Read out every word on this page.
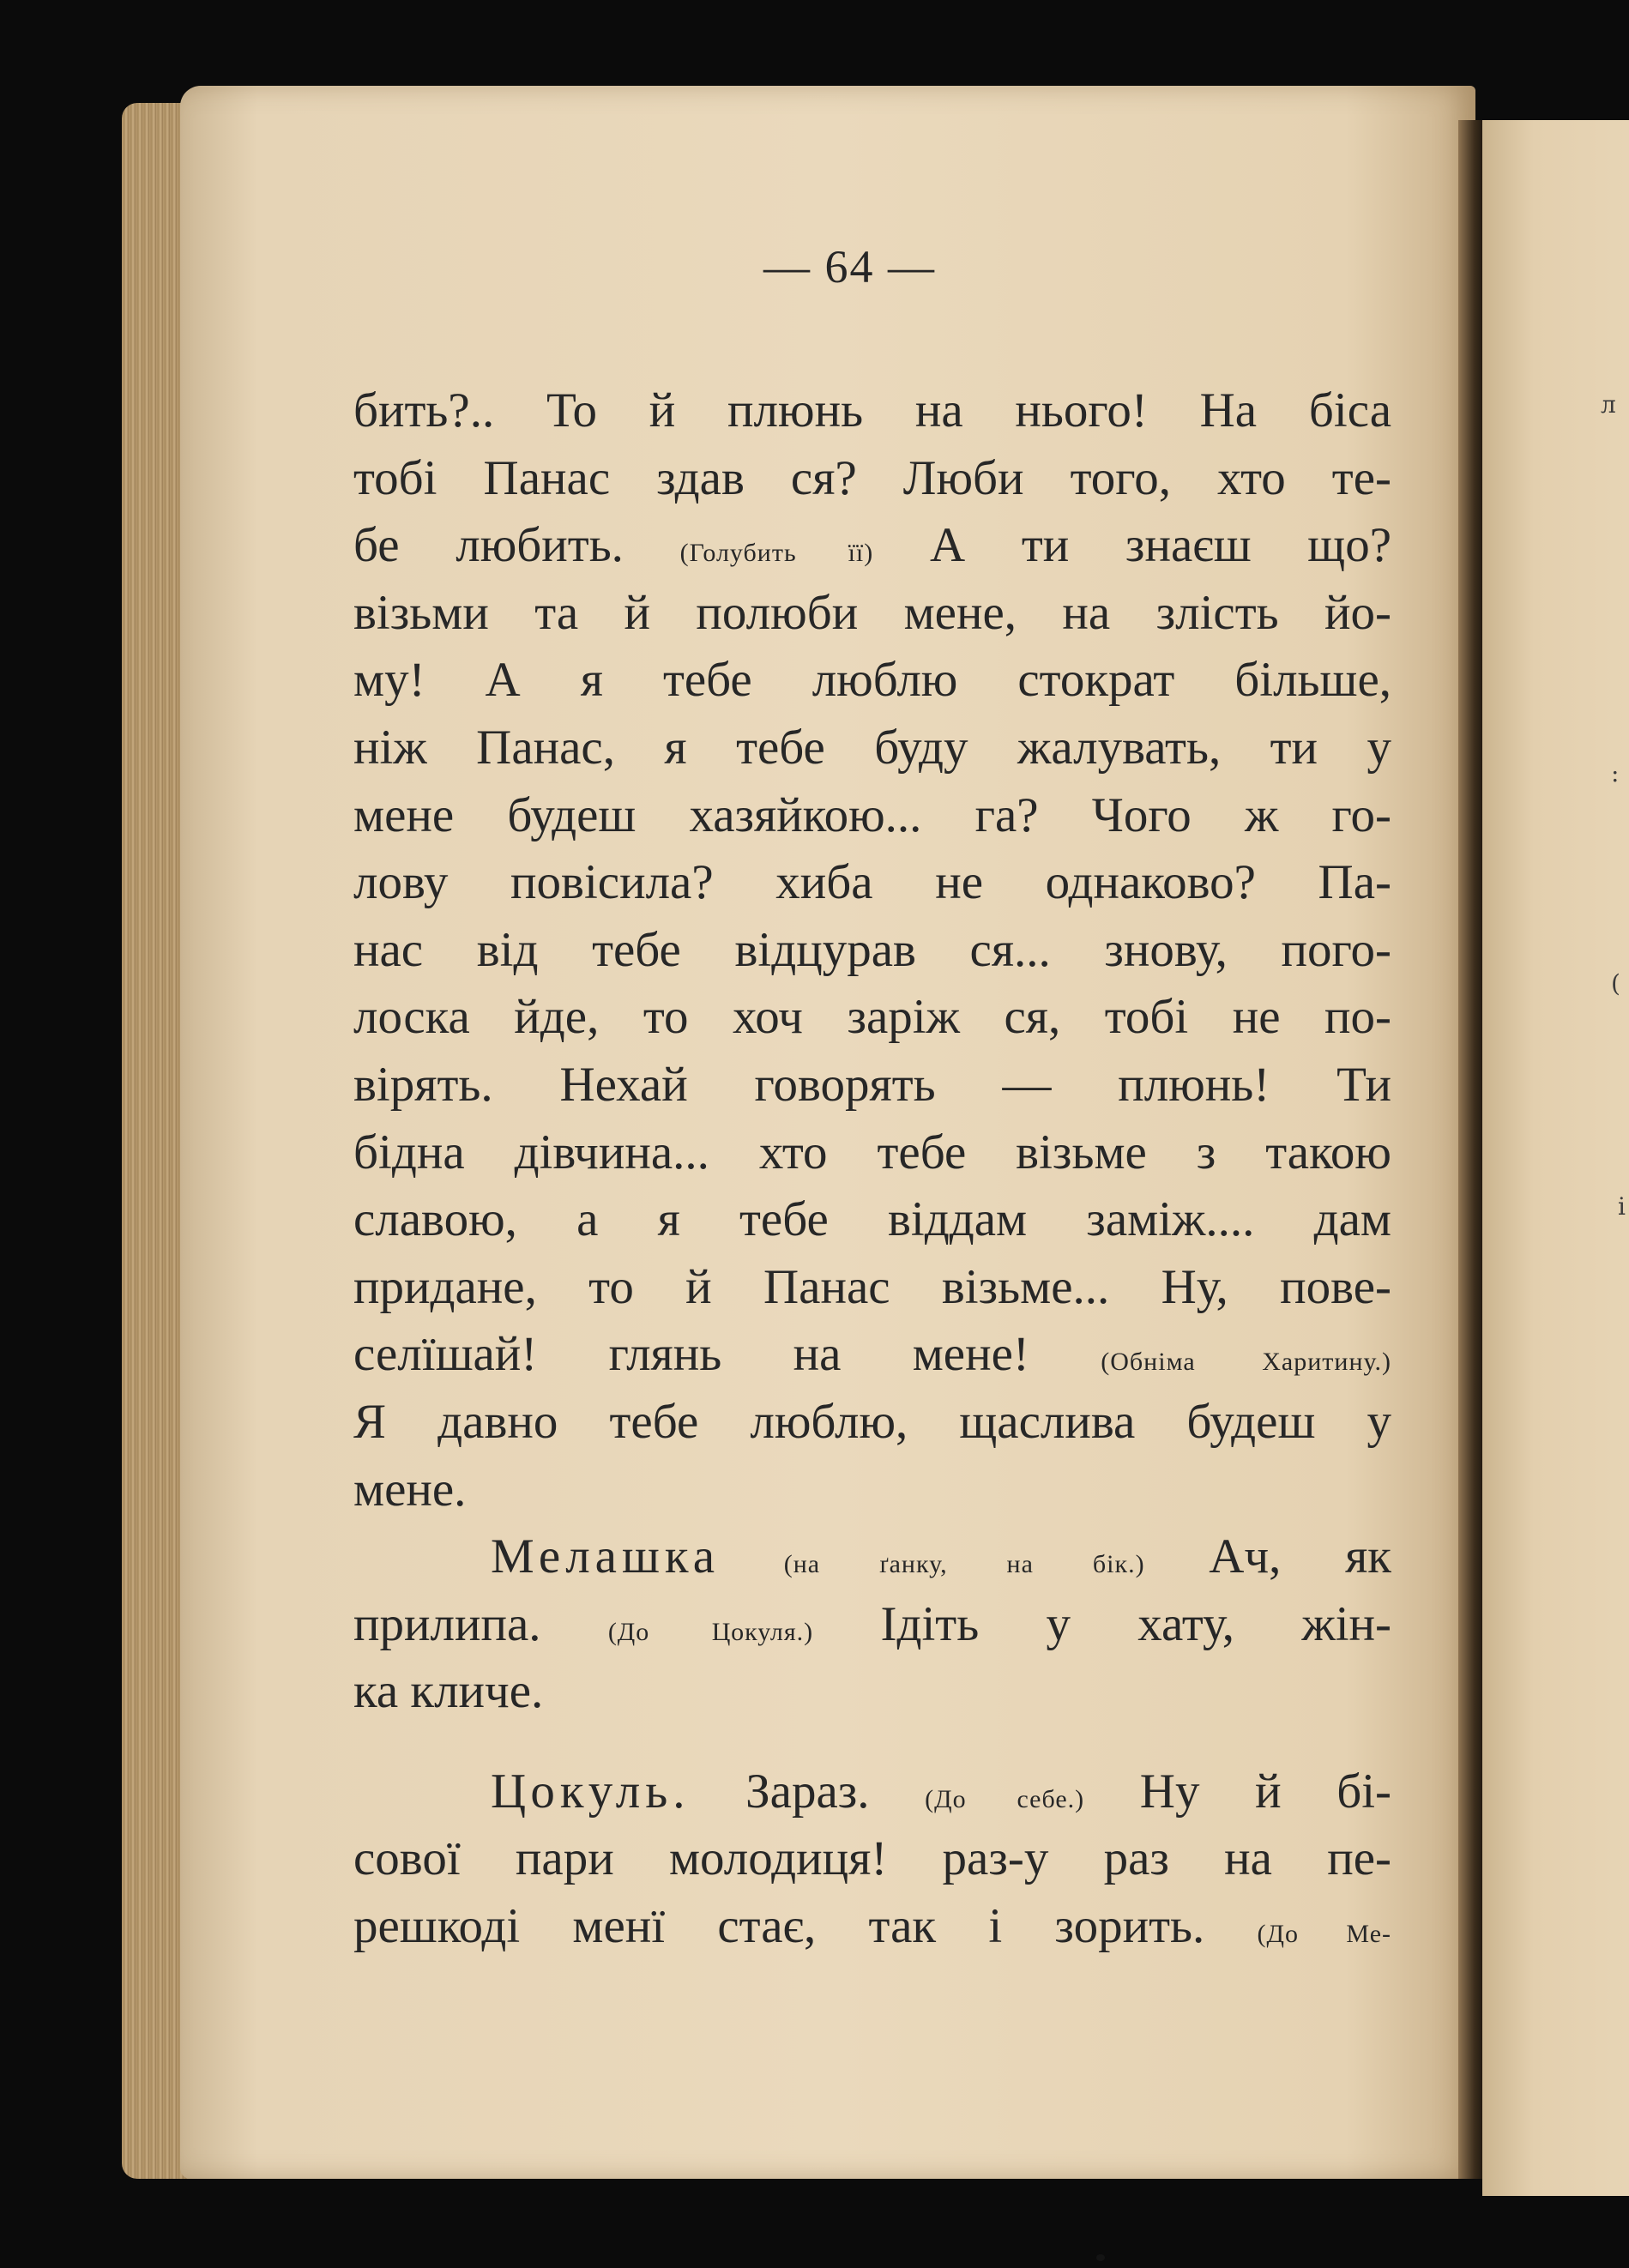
л
:
(
і
— 64 —
бить?.. То й плюнь на нього! На біса
тобі Панас здав ся? Люби того, хто те-
бе любить. (Голубить її) А ти знаєш що?
візьми та й полюби мене, на злість йо-
му! А я тебе люблю стократ більше,
ніж Панас, я тебе буду жалувать, ти у
мене будеш хазяйкою... га? Чого ж го-
лову повісила? хиба не однаково? Па-
нас від тебе відцурав ся... знову, пого-
лоска йде, то хоч заріж ся, тобі не по-
вірять. Нехай говорять — плюнь! Ти
бідна дівчина... хто тебе візьме з такою
славою, а я тебе віддам заміж.... дам
придане, то й Панас візьме... Ну, пове-
селїшай! глянь на мене!	(Обніма Харитину.)
Я давно тебе люблю, щаслива будеш у
мене.
Мелашка (на ґанку, на бік.) Ач, як
прилипа.	(До Цокуля.) Ідіть у хату, жін-
ка кличе.
Цокуль. Зараз. (До себе.) Ну й бі-
сової пари молодиця! раз-у раз на пе-
решкоді менї стає, так і зорить. (До Ме-
